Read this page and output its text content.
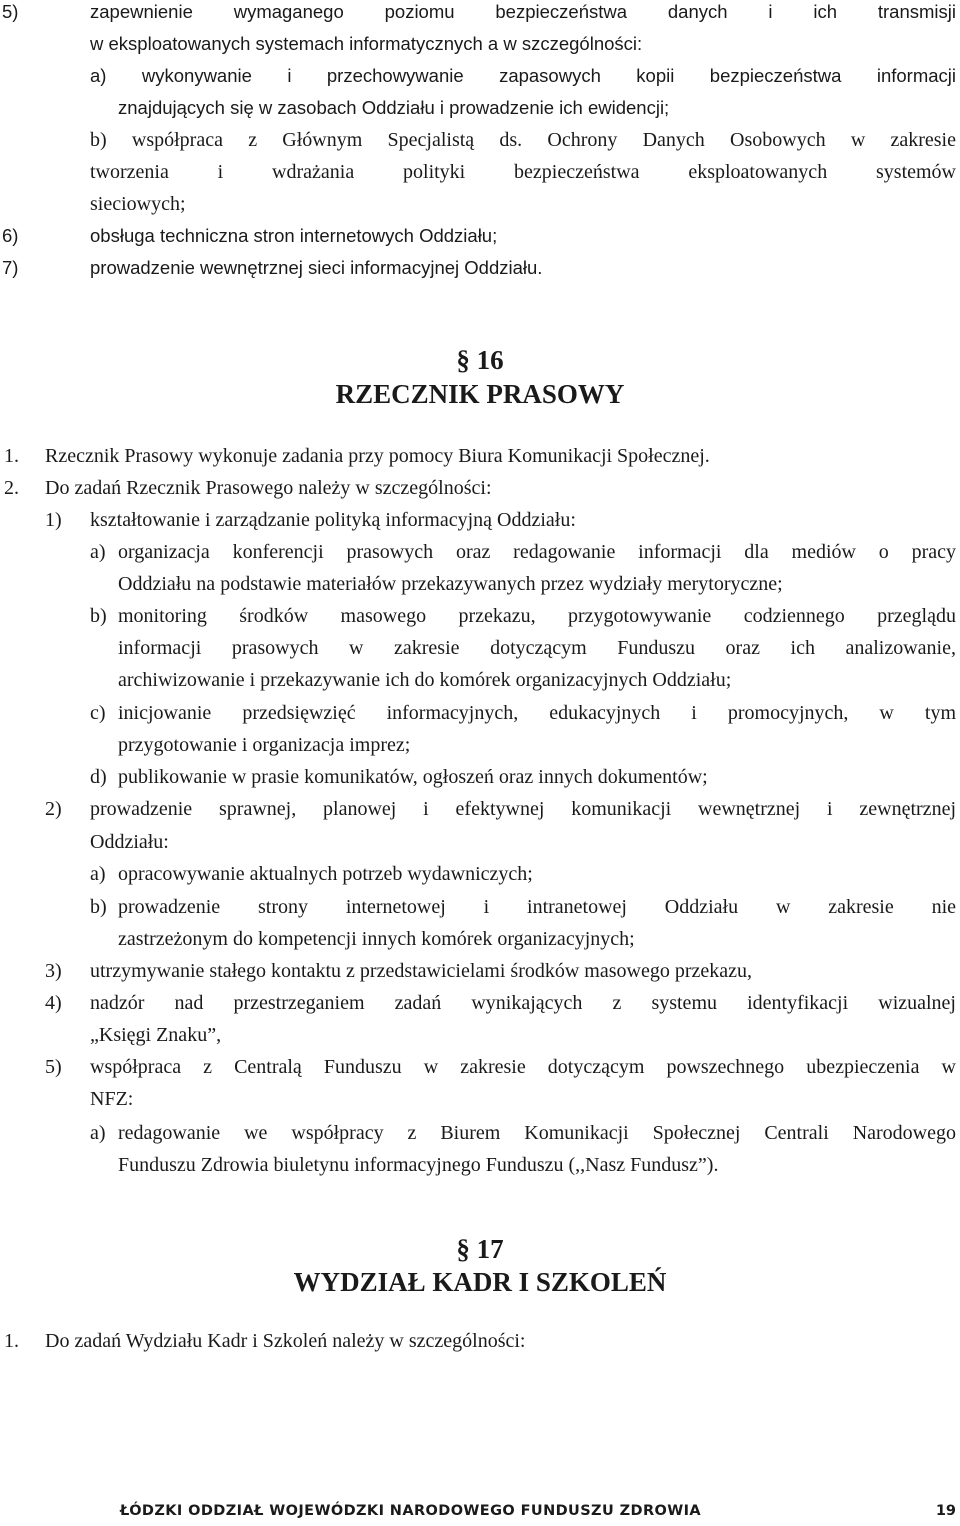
5)	zapewnienie wymaganego poziomu bezpieczeństwa danych i ich transmisji
w eksploatowanych systemach informatycznych a w szczególności:
a) wykonywanie i przechowywanie zapasowych kopii bezpieczeństwa informacji
znajdujących się w zasobach Oddziału i prowadzenie ich ewidencji;
b) współpraca z Głównym Specjalistą ds. Ochrony Danych Osobowych w zakresie
tworzenia i wdrażania polityki bezpieczeństwa eksploatowanych systemów
sieciowych;
6)	obsługa techniczna stron internetowych Oddziału;
7)	prowadzenie wewnętrznej sieci informacyjnej Oddziału.
§ 16
RZECZNIK PRASOWY
1. Rzecznik Prasowy wykonuje zadania przy pomocy Biura Komunikacji Społecznej.
2. Do zadań Rzecznik Prasowego należy w szczególności:
1) kształtowanie i zarządzanie polityką informacyjną Oddziału:
a) organizacja konferencji prasowych oraz redagowanie informacji dla mediów o pracy
Oddziału na podstawie materiałów przekazywanych przez wydziały merytoryczne;
b) monitoring środków masowego przekazu, przygotowywanie codziennego przeglądu
informacji prasowych w zakresie dotyczącym Funduszu oraz ich analizowanie,
archiwizowanie i przekazywanie ich do komórek organizacyjnych Oddziału;
c) inicjowanie przedsięwzięć informacyjnych, edukacyjnych i promocyjnych, w tym
przygotowanie i organizacja imprez;
d) publikowanie w prasie komunikatów, ogłoszeń oraz innych dokumentów;
2) prowadzenie sprawnej, planowej i efektywnej komunikacji wewnętrznej i zewnętrznej
Oddziału:
a) opracowywanie aktualnych potrzeb wydawniczych;
b) prowadzenie strony internetowej i intranetowej Oddziału w zakresie nie
zastrzeżonym do kompetencji innych komórek organizacyjnych;
3) utrzymywanie stałego kontaktu z przedstawicielami środków masowego przekazu,
4) nadzór nad przestrzeganiem zadań wynikających z systemu identyfikacji wizualnej
„Księgi Znaku”,
5) współpraca z Centralą Funduszu w zakresie dotyczącym powszechnego ubezpieczenia w
NFZ:
a) redagowanie we współpracy z Biurem Komunikacji Społecznej Centrali Narodowego
Funduszu Zdrowia biuletynu informacyjnego Funduszu (,,Nasz Fundusz”).
§ 17
WYDZIAŁ KADR I SZKOLEŃ
1. Do zadań Wydziału Kadr i Szkoleń należy w szczególności:
ŁÓDZKI ODDZIAŁ WOJEWÓDZKI NARODOWEGO FUNDUSZU ZDROWIA	19
